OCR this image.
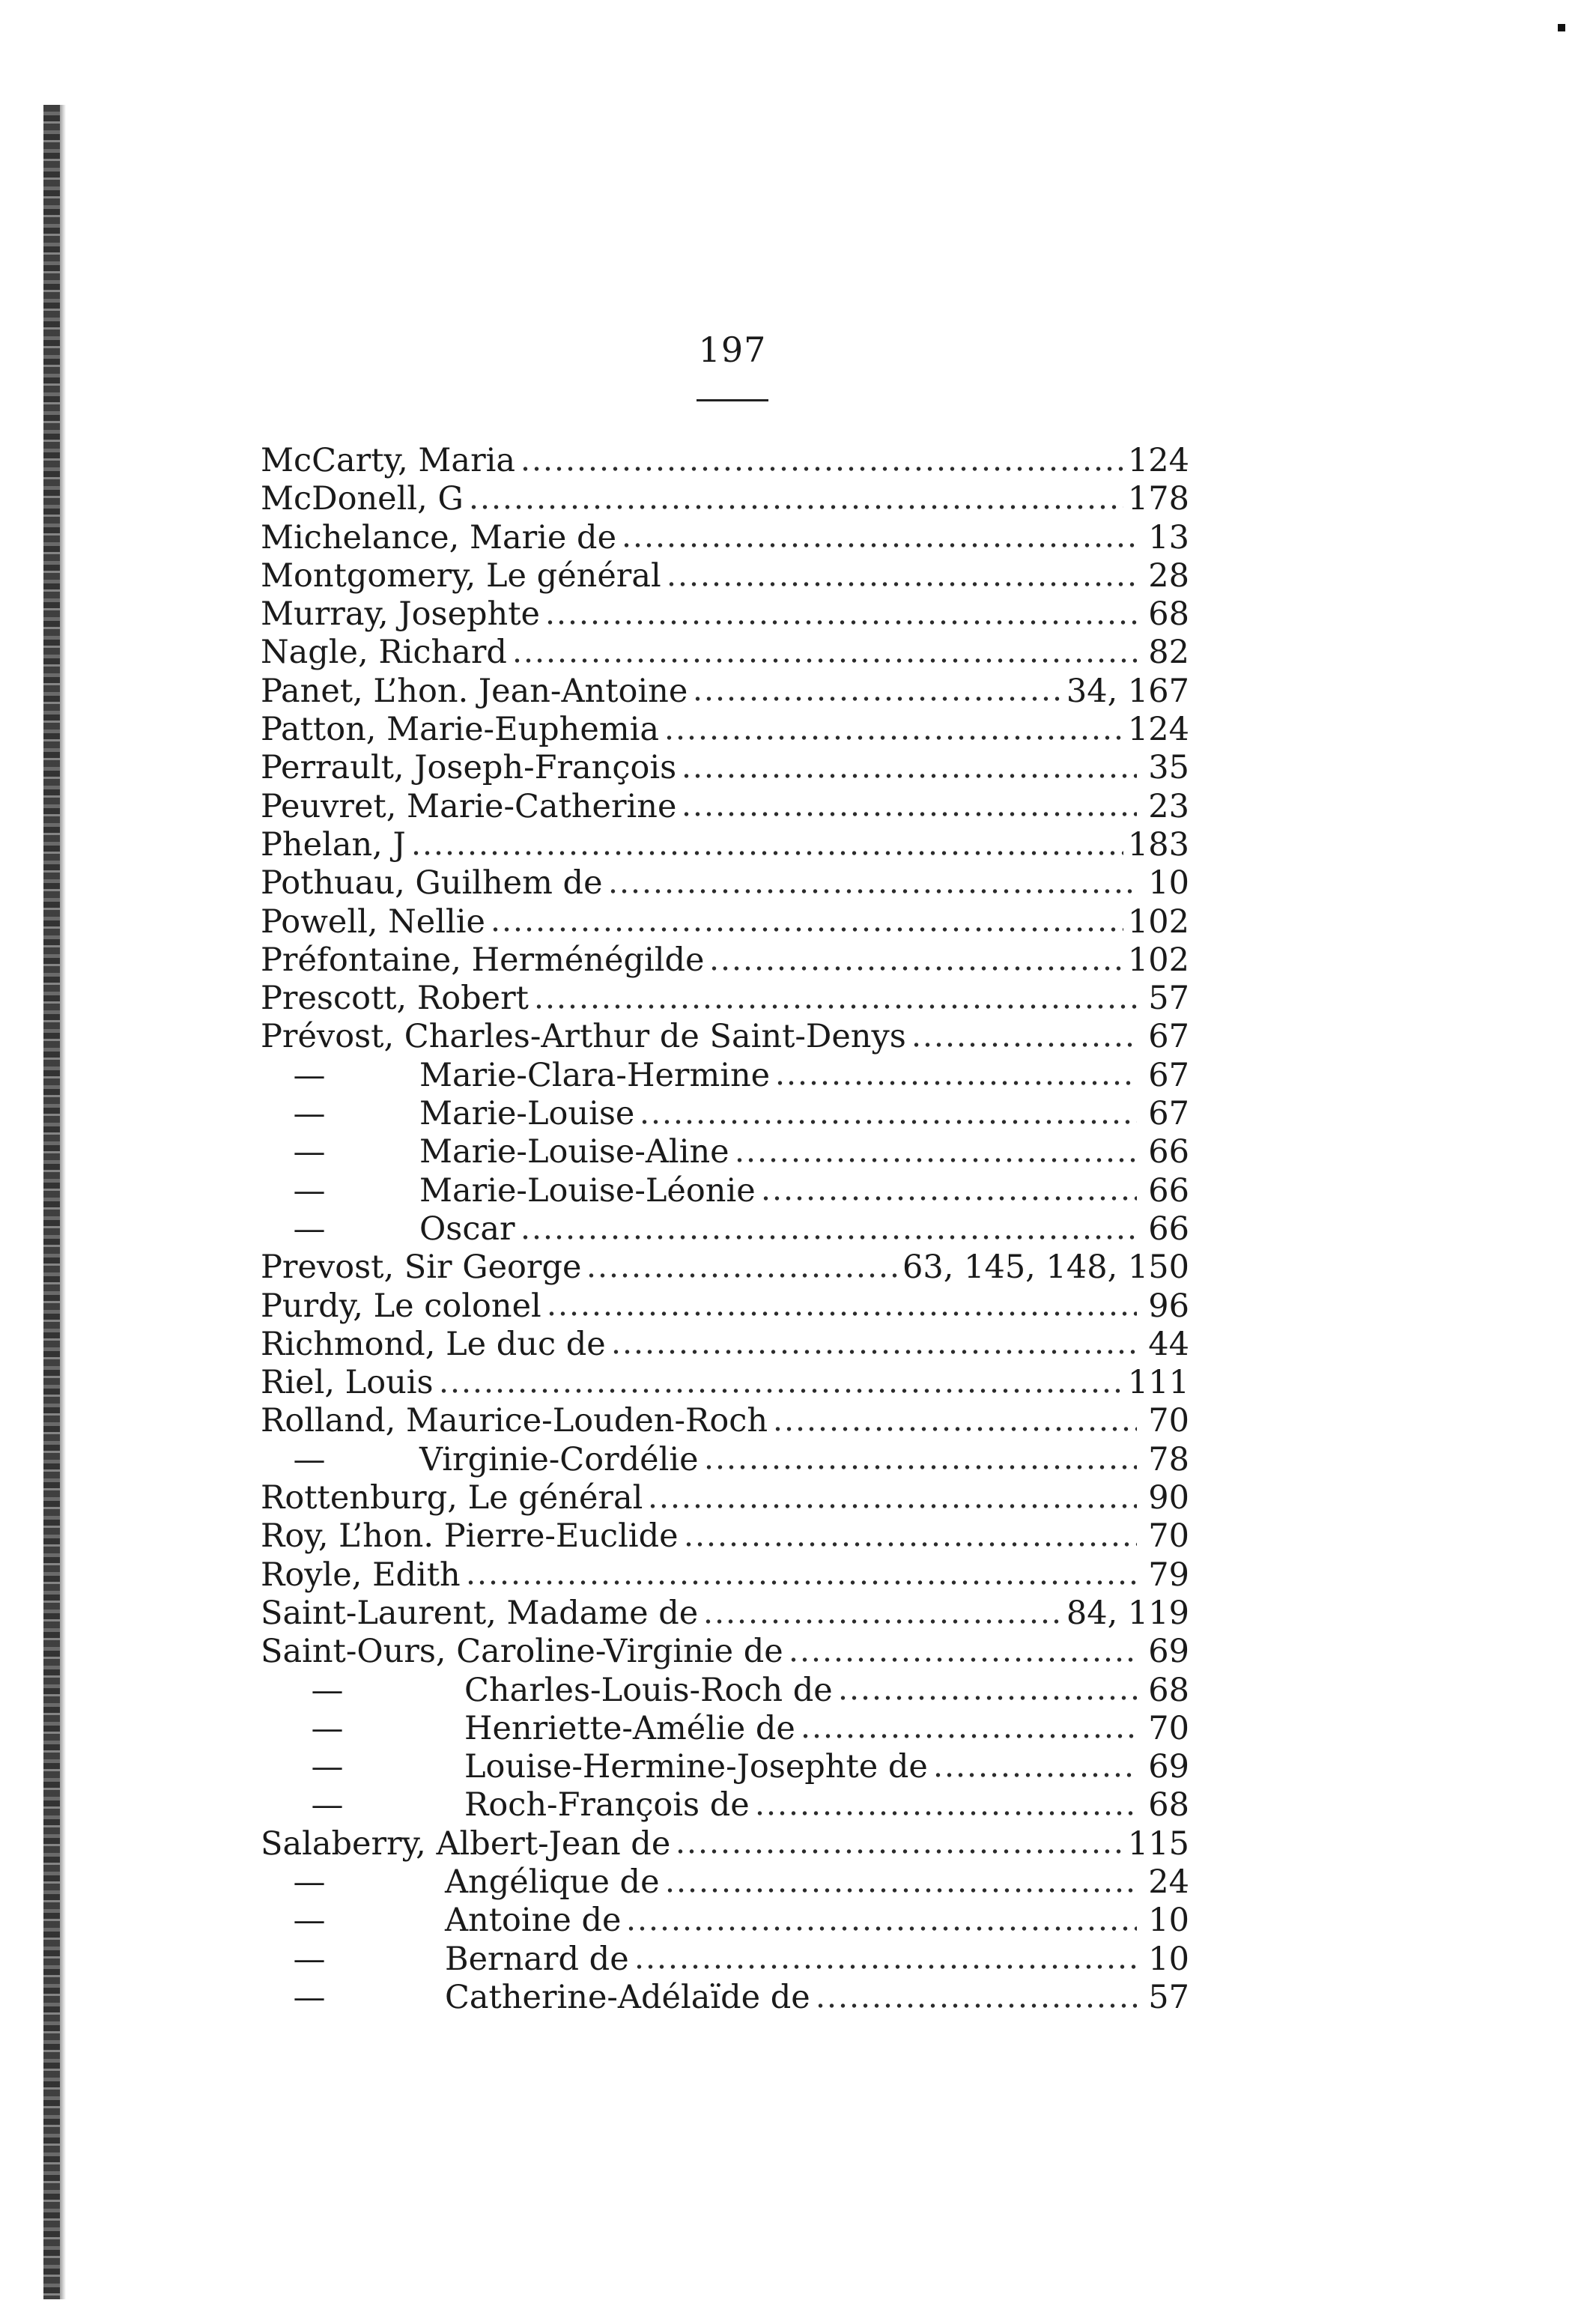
197
McCarty, Maria	124
McDonell, G	178
Michelance, Marie de	13
Montgomery, Le général	28
Murray, Josephte	68
Nagle, Richard	82
Panet, L’hon. Jean-Antoine	34, 167
Patton, Marie-Euphemia	124
Perrault, Joseph-François	35
Peuvret, Marie-Catherine	23
Phelan, J	183
Pothuau, Guilhem de	10
Powell, Nellie	102
Préfontaine, Herménégilde	102
Prescott, Robert	57
Prévost, Charles-Arthur de Saint-Denys	67
—	Marie-Clara-Hermine	67
—	Marie-Louise	67
—	Marie-Louise-Aline	66
—	Marie-Louise-Léonie	66
—	Oscar	66
Prevost, Sir George	63, 145, 148, 150
Purdy, Le colonel	96
Richmond, Le duc de	44
Riel, Louis	111
Rolland, Maurice-Louden-Roch	70
—	Virginie-Cordélie	78
Rottenburg, Le général	90
Roy, L’hon. Pierre-Euclide	70
Royle, Edith	79
Saint-Laurent, Madame de	84, 119
Saint-Ours, Caroline-Virginie de	69
—	Charles-Louis-Roch de	68
—	Henriette-Amélie de	70
—	Louise-Hermine-Josephte de	69
—	Roch-François de	68
Salaberry, Albert-Jean de	115
—	Angélique de	24
—	Antoine de	10
—	Bernard de	10
—	Catherine-Adélaïde de	57
